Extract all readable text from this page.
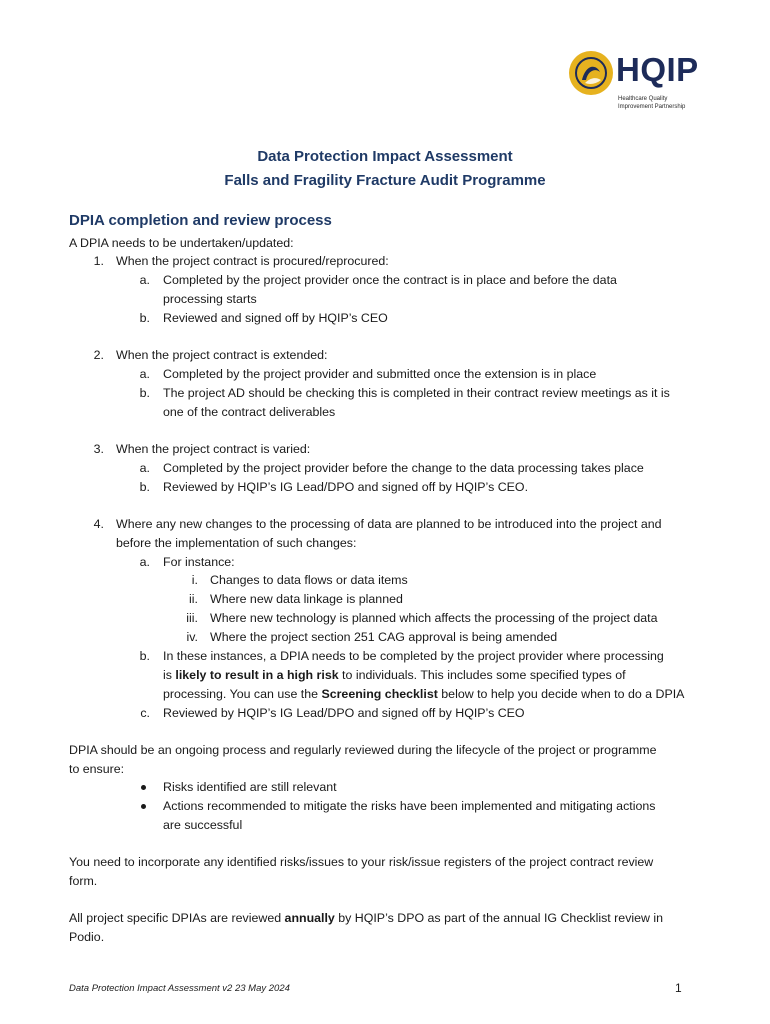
HQIP
Healthcare Quality
Improvement Partnership
Data Protection Impact Assessment
Falls and Fragility Fracture Audit Programme
DPIA completion and review process
A DPIA needs to be undertaken/updated:
1. When the project contract is procured/reprocured:
a. Completed by the project provider once the contract is in place and before the data
processing starts
b. Reviewed and signed off by HQIP’s CEO
2. When the project contract is extended:
a. Completed by the project provider and submitted once the extension is in place
b. The project AD should be checking this is completed in their contract review meetings as it is
one of the contract deliverables
3. When the project contract is varied:
a. Completed by the project provider before the change to the data processing takes place
b. Reviewed by HQIP’s IG Lead/DPO and signed off by HQIP’s CEO.
4. Where any new changes to the processing of data are planned to be introduced into the project and
before the implementation of such changes:
a. For instance:
i. Changes to data flows or data items
ii. Where new data linkage is planned
iii. Where new technology is planned which affects the processing of the project data
iv. Where the project section 251 CAG approval is being amended
b. In these instances, a DPIA needs to be completed by the project provider where processing
is likely to result in a high risk to individuals. This includes some specified types of
processing. You can use the Screening checklist below to help you decide when to do a DPIA
c. Reviewed by HQIP’s IG Lead/DPO and signed off by HQIP’s CEO
DPIA should be an ongoing process and regularly reviewed during the lifecycle of the project or programme
to ensure:
Risks identified are still relevant
Actions recommended to mitigate the risks have been implemented and mitigating actions
are successful
You need to incorporate any identified risks/issues to your risk/issue registers of the project contract review
form.
All project specific DPIAs are reviewed annually by HQIP’s DPO as part of the annual IG Checklist review in
Podio.
Data Protection Impact Assessment v2 23 May 2024	1
